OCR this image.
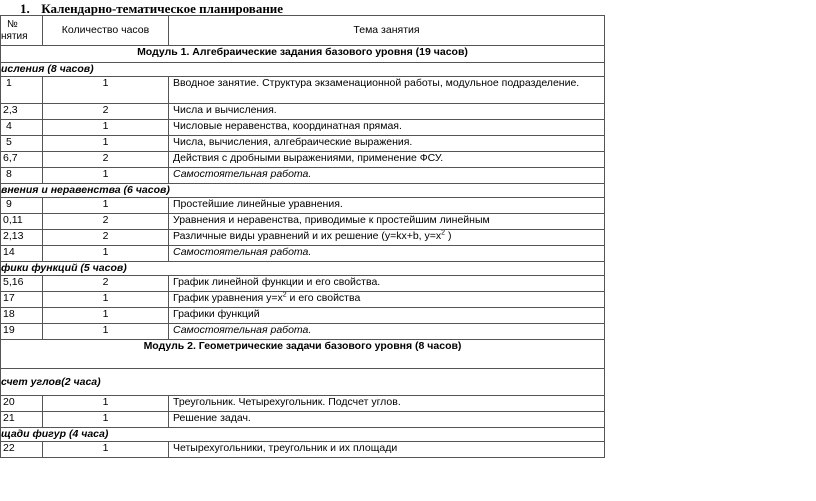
1. Календарно-тематическое планирование
№
нятия	Количество часов	Тема занятия
Модуль 1. Алгебраические задания базового уровня (19 часов)		
исления (8 часов)		
1	1	Вводное занятие. Структура экзаменационной работы, модульное подразделение.
2,3	2	Числа и вычисления.
4	1	Числовые неравенства, координатная прямая.
5	1	Числа, вычисления, алгебраические выражения.
6,7	2	Действия с дробными выражениями, применение ФСУ.
8	1	Самостоятельная работа.
внения и неравенства (6 часов)		
9	1	Простейшие линейные уравнения.
0,11	2	Уравнения и неравенства, приводимые к простейшим линейным
2,13	2	Различные виды уравнений и их решение (у=kx+b, $y=x^2$ )
14	1	Самостоятельная работа.
фики функций (5 часов)		
5,16	2	График линейной функции и его свойства.
17	1	График уравнения $у=х^2$ и его свойства
18	1	Графики функций
19	1	Самостоятельная работа.
Модуль 2. Геометрические задачи базового уровня (8 часов)		
счет углов(2 часа)		
20	1	Треугольник. Четырехугольник. Подсчет углов.
21	1	Решение задач.
щади фигур (4 часа)		
22	1	Четырехугольники, треугольник и их площади
